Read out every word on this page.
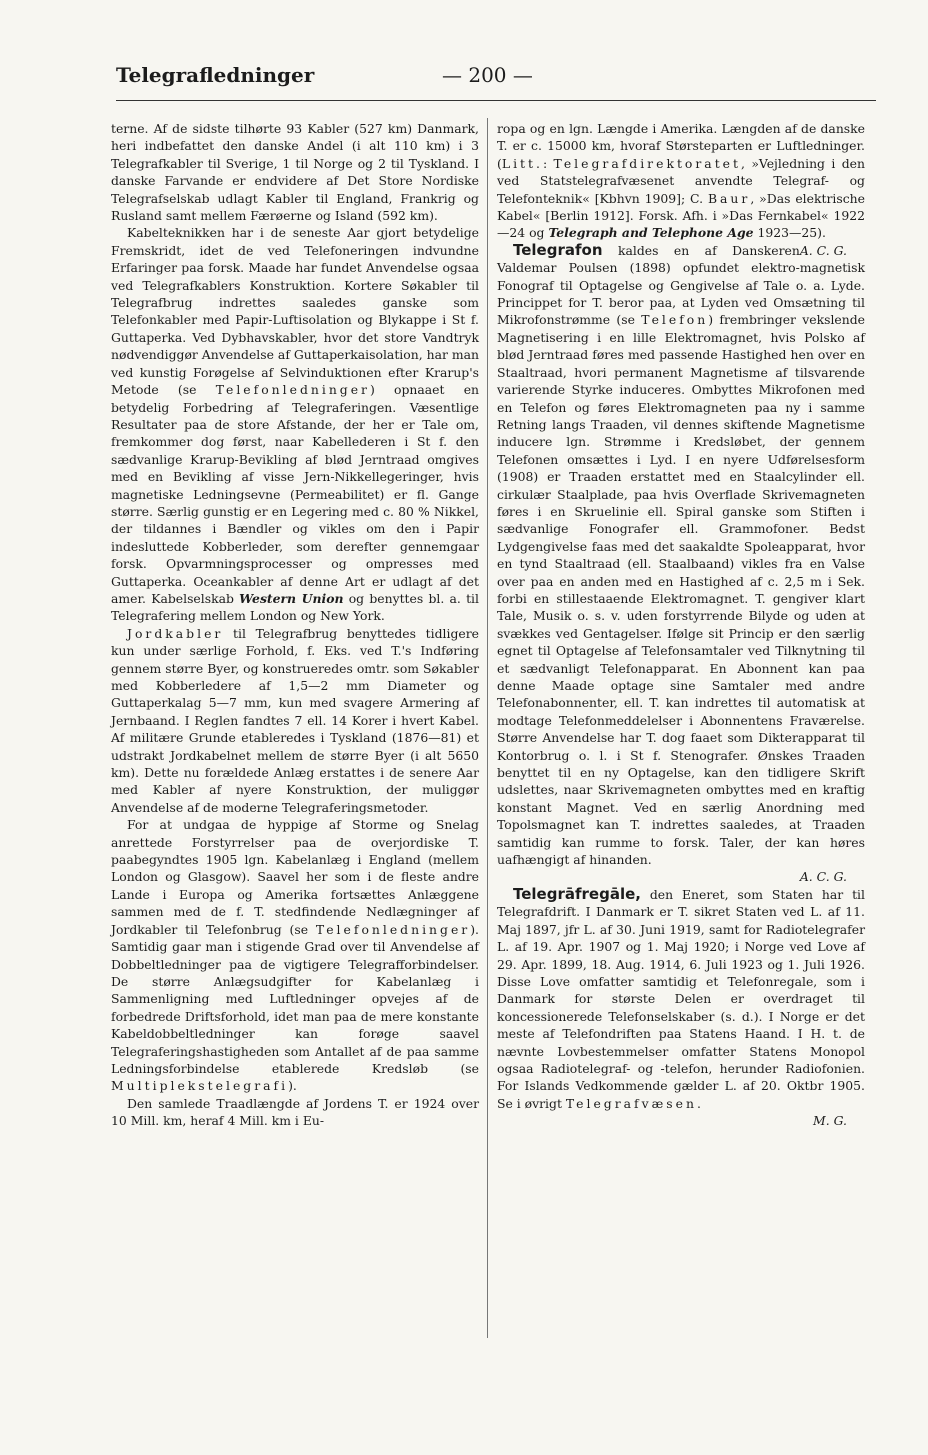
Telegrafledninger	— 200 —

terne. Af de sidste tilhørte 93 Kabler (527 km) Danmark, heri indbefattet den danske Andel (i alt 110 km) i 3 Telegrafkabler til Sverige, 1 til Norge og 2 til Tyskland. I danske Farvande er endvidere af Det Store Nordiske Telegrafselskab udlagt Kabler til England, Frankrig og Rusland samt mellem Færøerne og Island (592 km).

Kabelteknikken har i de seneste Aar gjort betydelige Fremskridt, idet de ved Telefoneringen indvundne Erfaringer paa forsk. Maade har fundet Anvendelse ogsaa ved Telegrafkablers Konstruktion. Kortere Søkabler til Telegrafbrug indrettes saaledes ganske som Telefonkabler med Papir-Luftisolation og Blykappe i St f. Guttaperka. Ved Dybhavskabler, hvor det store Vandtryk nødvendiggør Anvendelse af Guttaperkaisolation, har man ved kunstig Forøgelse af Selvinduktionen efter Krarup's Metode (se Telefonledninger) opnaaet en betydelig Forbedring af Telegraferingen. Væsentlige Resultater paa de store Afstande, der her er Tale om, fremkommer dog først, naar Kabellederen i St f. den sædvanlige Krarup-Bevikling af blød Jerntraad omgives med en Bevikling af visse Jern-Nikkellegeringer, hvis magnetiske Ledningsevne (Permeabilitet) er fl. Gange større. Særlig gunstig er en Legering med c. 80 % Nikkel, der tildannes i Bændler og vikles om den i Papir indesluttede Kobberleder, som derefter gennemgaar forsk. Opvarmningsprocesser og ompresses med Guttaperka. Oceankabler af denne Art er udlagt af det amer. Kabelselskab Western Union og benyttes bl. a. til Telegrafering mellem London og New York.

Jordkabler til Telegrafbrug benyttedes tidligere kun under særlige Forhold, f. Eks. ved T.'s Indføring gennem større Byer, og konstrueredes omtr. som Søkabler med Kobberledere af 1,5—2 mm Diameter og Guttaperkalag 5—7 mm, kun med svagere Armering af Jernbaand. I Reglen fandtes 7 ell. 14 Korer i hvert Kabel. Af militære Grunde etableredes i Tyskland (1876—81) et udstrakt Jordkabelnet mellem de større Byer (i alt 5650 km). Dette nu forældede Anlæg erstattes i de senere Aar med Kabler af nyere Konstruktion, der muliggør Anvendelse af de moderne Telegraferingsmetoder.

For at undgaa de hyppige af Storme og Snelag anrettede Forstyrrelser paa de overjordiske T. paabegyndtes 1905 lgn. Kabelanlæg i England (mellem London og Glasgow). Saavel her som i de fleste andre Lande i Europa og Amerika fortsættes Anlæggene sammen med de f. T. stedfindende Nedlægninger af Jordkabler til Telefonbrug (se Telefonledninger). Samtidig gaar man i stigende Grad over til Anvendelse af Dobbeltledninger paa de vigtigere Telegrafforbindelser. De større Anlægsudgifter for Kabelanlæg i Sammenligning med Luftledninger opvejes af de forbedrede Driftsforhold, idet man paa de mere konstante Kabeldobbeltledninger kan forøge saavel Telegraferingshastigheden som Antallet af de paa samme Ledningsforbindelse etablerede Kredsløb (se Multiplekstelegrafi).

Den samlede Traadlængde af Jordens T. er 1924 over 10 Mill. km, heraf 4 Mill. km i Eu-

ropa og en lgn. Længde i Amerika. Længden af de danske T. er c. 15000 km, hvoraf Størsteparten er Luftledninger. (Litt.: Telegrafdirektoratet, »Vejledning i den ved Statstelegrafvæsenet anvendte Telegraf- og Telefonteknik« [Kbhvn 1909]; C. Baur, »Das elektrische Kabel« [Berlin 1912]. Forsk. Afh. i »Das Fernkabel« 1922—24 og Telegraph and Telephone Age 1923—25).
A. C. G.

Telegrafon kaldes en af Danskeren Valdemar Poulsen (1898) opfundet elektro-magnetisk Fonograf til Optagelse og Gengivelse af Tale o. a. Lyde. Princippet for T. beror paa, at Lyden ved Omsætning til Mikrofonstrømme (se Telefon) frembringer vekslende Magnetisering i en lille Elektromagnet, hvis Polsko af blød Jerntraad føres med passende Hastighed hen over en Staaltraad, hvori permanent Magnetisme af tilsvarende varierende Styrke induceres. Ombyttes Mikrofonen med en Telefon og føres Elektromagneten paa ny i samme Retning langs Traaden, vil dennes skiftende Magnetisme inducere lgn. Strømme i Kredsløbet, der gennem Telefonen omsættes i Lyd. I en nyere Udførelsesform (1908) er Traaden erstattet med en Staalcylinder ell. cirkulær Staalplade, paa hvis Overflade Skrivemagneten føres i en Skruelinie ell. Spiral ganske som Stiften i sædvanlige Fonografer ell. Grammofoner. Bedst Lydgengivelse faas med det saakaldte Spoleapparat, hvor en tynd Staaltraad (ell. Staalbaand) vikles fra en Valse over paa en anden med en Hastighed af c. 2,5 m i Sek. forbi en stillestaaende Elektromagnet. T. gengiver klart Tale, Musik o. s. v. uden forstyrrende Bilyde og uden at svækkes ved Gentagelser. Ifølge sit Princip er den særlig egnet til Optagelse af Telefonsamtaler ved Tilknytning til et sædvanligt Telefonapparat. En Abonnent kan paa denne Maade optage sine Samtaler med andre Telefonabonnenter, ell. T. kan indrettes til automatisk at modtage Telefonmeddelelser i Abonnentens Fraværelse. Større Anvendelse har T. dog faaet som Dikterapparat til Kontorbrug o. l. i St f. Stenografer. Ønskes Traaden benyttet til en ny Optagelse, kan den tidligere Skrift udslettes, naar Skrivemagneten ombyttes med en kraftig konstant Magnet. Ved en særlig Anordning med Topolsmagnet kan T. indrettes saaledes, at Traaden samtidig kan rumme to forsk. Taler, der kan høres uafhængigt af hinanden.

A. C. G.

Telegrāfregāle, den Eneret, som Staten har til Telegrafdrift. I Danmark er T. sikret Staten ved L. af 11. Maj 1897, jfr L. af 30. Juni 1919, samt for Radiotelegrafer L. af 19. Apr. 1907 og 1. Maj 1920; i Norge ved Love af 29. Apr. 1899, 18. Aug. 1914, 6. Juli 1923 og 1. Juli 1926. Disse Love omfatter samtidig et Telefonregale, som i Danmark for største Delen er overdraget til koncessionerede Telefonselskaber (s. d.). I Norge er det meste af Telefondriften paa Statens Haand. I H. t. de nævnte Lovbestemmelser omfatter Statens Monopol ogsaa Radiotelegraf- og -telefon, herunder Radiofonien. For Islands Vedkommende gælder L. af 20. Oktbr 1905. Se i øvrigt Telegrafvæsen.

M. G.
